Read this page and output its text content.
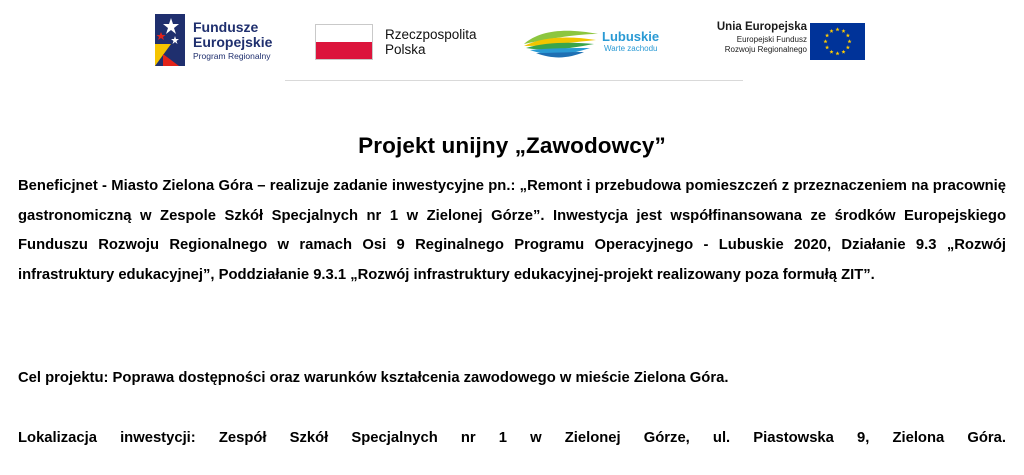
Fundusze
Europejskie
Program Regionalny
Rzeczpospolita
Polska
Lubuskie
Warte zachodu
Unia Europejska
Europejski Fundusz
Rozwoju Regionalnego
Projekt unijny „Zawodowcy”

Beneficjnet - Miasto Zielona Góra – realizuje zadanie inwestycyjne pn.: „Remont i przebudowa pomieszczeń z przeznaczeniem na pracownię gastronomiczną w Zespole Szkół Specjalnych nr 1 w Zielonej Górze”. Inwestycja jest współfinansowana ze środków Europejskiego Funduszu Rozwoju Regionalnego w ramach Osi 9 Reginalnego Programu Operacyjnego - Lubuskie 2020, Działanie 9.3 „Rozwój infrastruktury edukacyjnej”, Poddziałanie 9.3.1 „Rozwój infrastruktury edukacyjnej-projekt realizowany poza formułą ZIT”.

Cel projektu: Poprawa dostępności oraz warunków kształcenia zawodowego w mieście Zielona Góra.

Lokalizacja inwestycji: Zespół Szkół Specjalnych nr 1 w Zielonej Górze, ul. Piastowska 9, Zielona Góra.
